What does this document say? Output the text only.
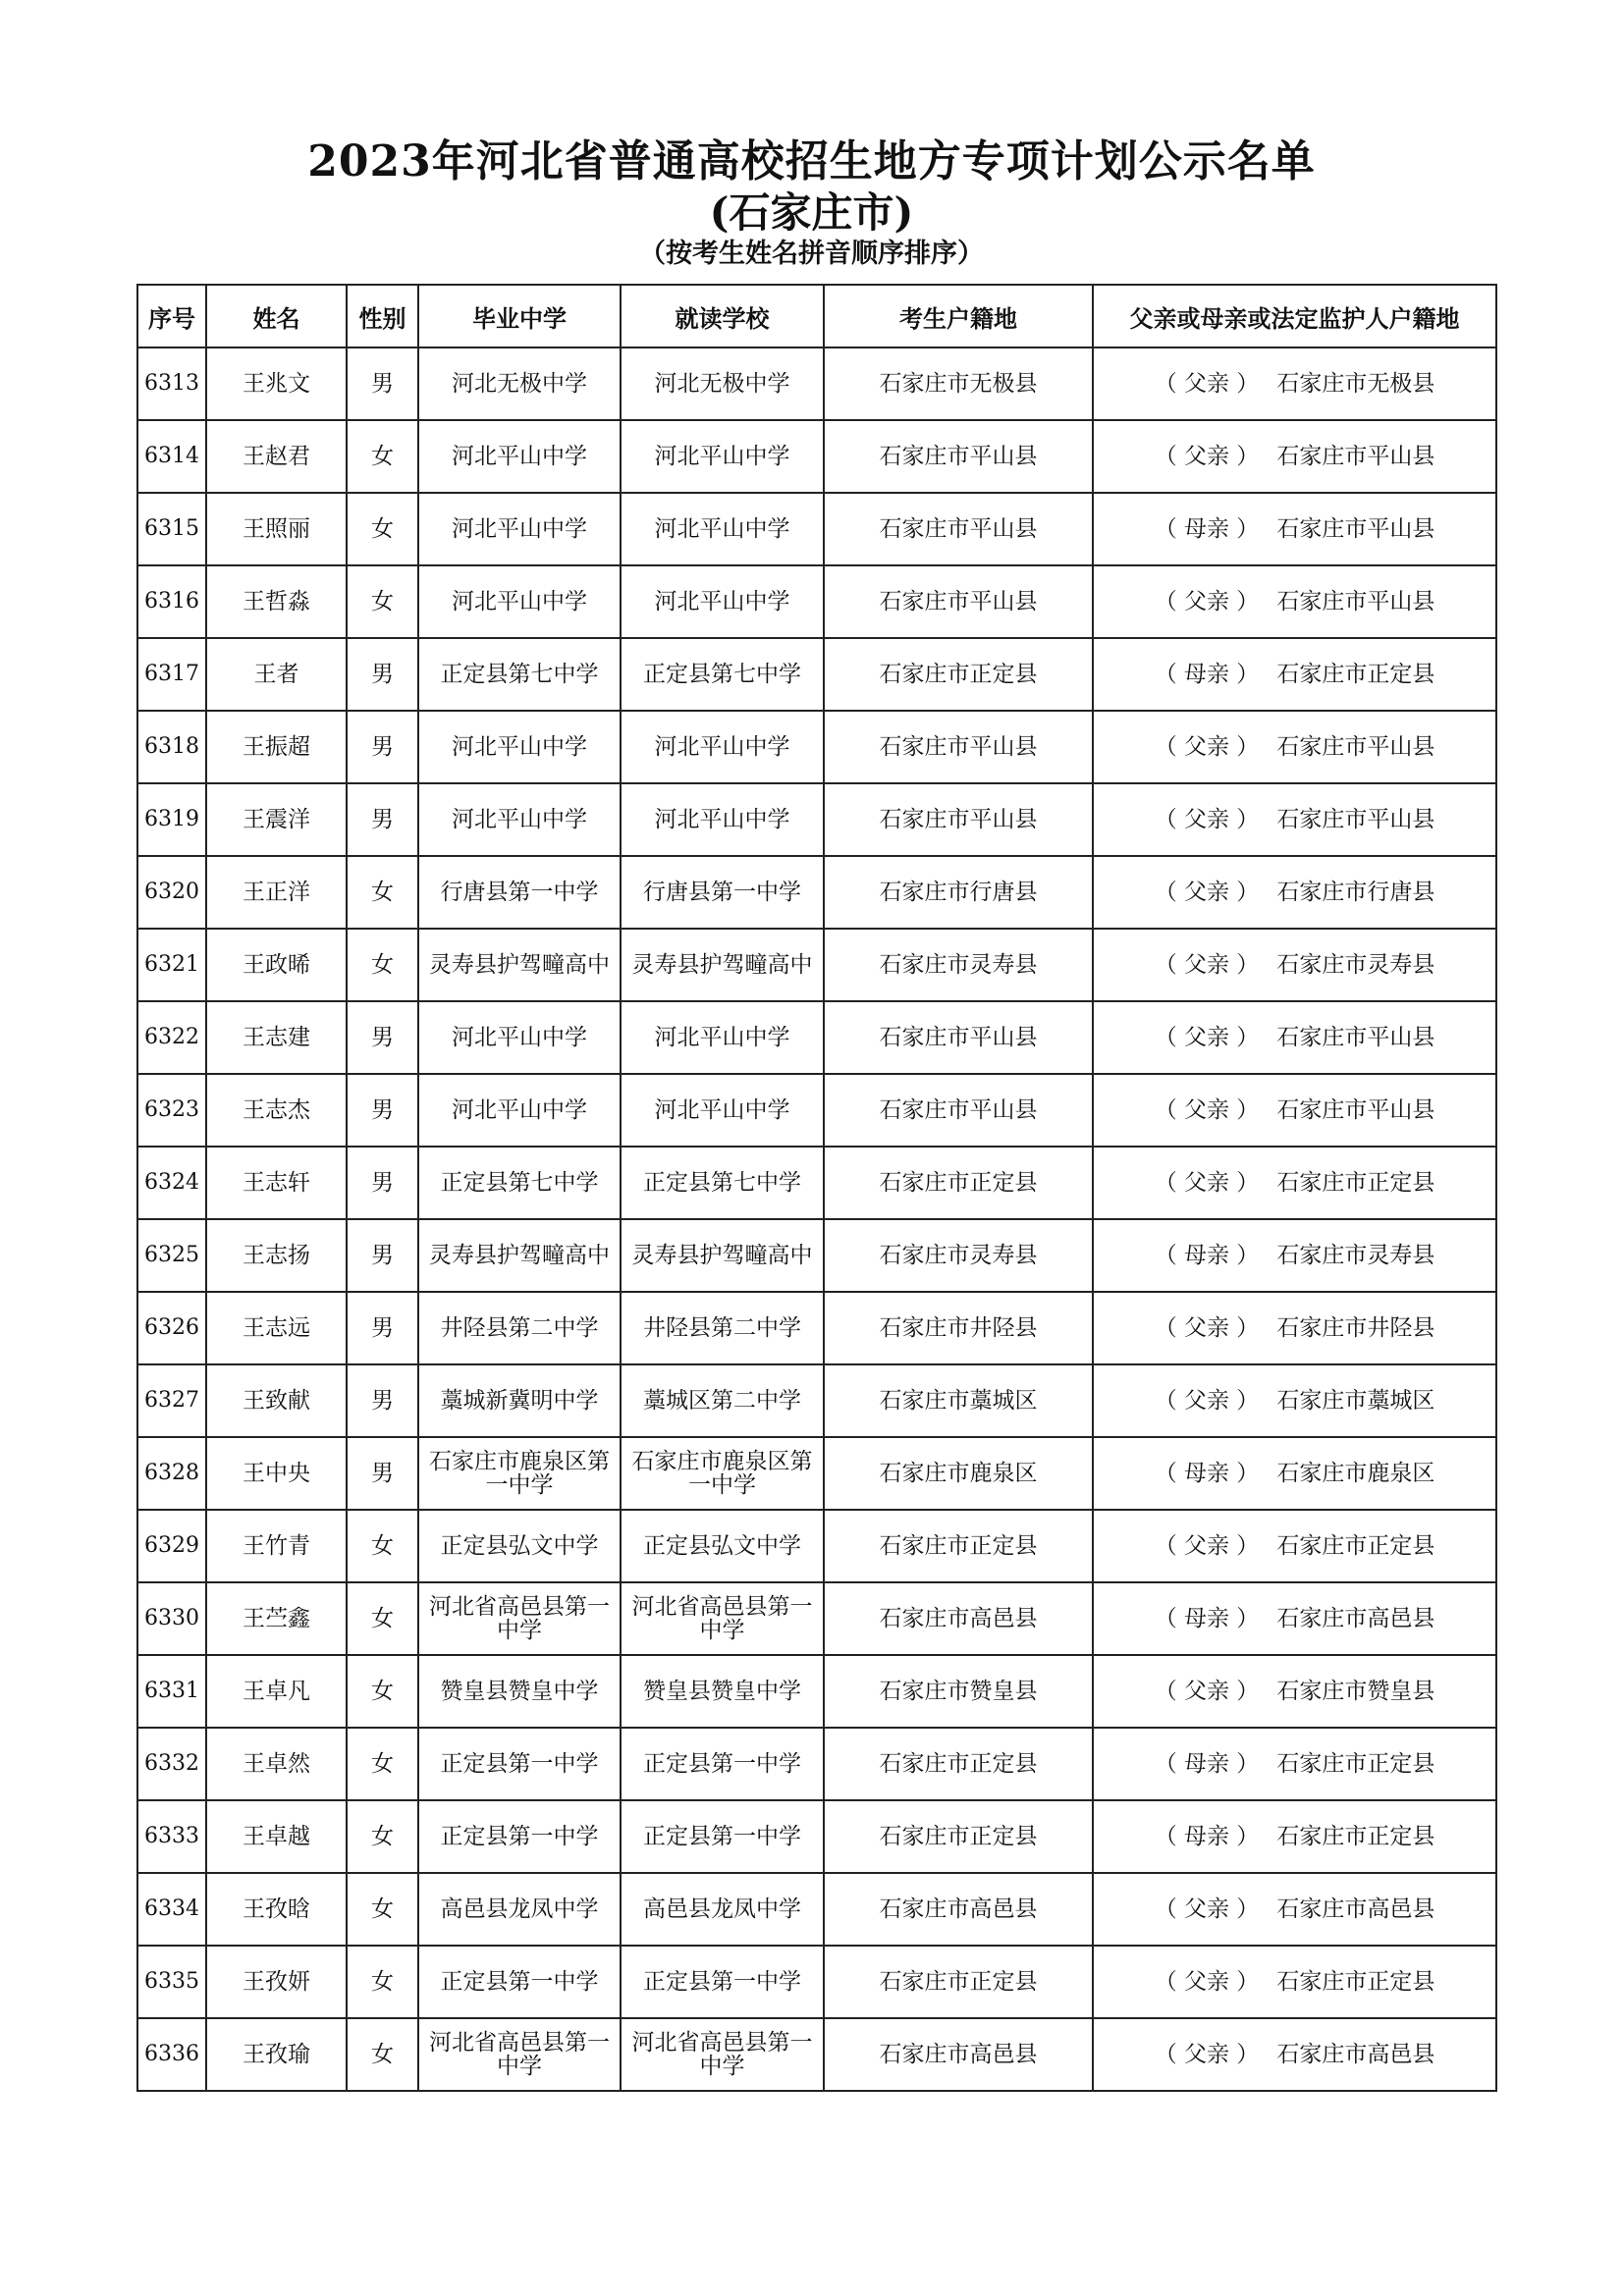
2023年河北省普通高校招生地方专项计划公示名单
(石家庄市)
（按考生姓名拼音顺序排序）
序号	姓名	性别	毕业中学	就读学校	考生户籍地	父亲或母亲或法定监护人户籍地
6313	王兆文	男	河北无极中学	河北无极中学	石家庄市无极县	（ 父亲 ） 石家庄市无极县
6314	王赵君	女	河北平山中学	河北平山中学	石家庄市平山县	（ 父亲 ） 石家庄市平山县
6315	王照丽	女	河北平山中学	河北平山中学	石家庄市平山县	（ 母亲 ） 石家庄市平山县
6316	王哲淼	女	河北平山中学	河北平山中学	石家庄市平山县	（ 父亲 ） 石家庄市平山县
6317	王者	男	正定县第七中学	正定县第七中学	石家庄市正定县	（ 母亲 ） 石家庄市正定县
6318	王振超	男	河北平山中学	河北平山中学	石家庄市平山县	（ 父亲 ） 石家庄市平山县
6319	王震洋	男	河北平山中学	河北平山中学	石家庄市平山县	（ 父亲 ） 石家庄市平山县
6320	王正洋	女	行唐县第一中学	行唐县第一中学	石家庄市行唐县	（ 父亲 ） 石家庄市行唐县
6321	王政晞	女	灵寿县护驾疃高中	灵寿县护驾疃高中	石家庄市灵寿县	（ 父亲 ） 石家庄市灵寿县
6322	王志建	男	河北平山中学	河北平山中学	石家庄市平山县	（ 父亲 ） 石家庄市平山县
6323	王志杰	男	河北平山中学	河北平山中学	石家庄市平山县	（ 父亲 ） 石家庄市平山县
6324	王志轩	男	正定县第七中学	正定县第七中学	石家庄市正定县	（ 父亲 ） 石家庄市正定县
6325	王志扬	男	灵寿县护驾疃高中	灵寿县护驾疃高中	石家庄市灵寿县	（ 母亲 ） 石家庄市灵寿县
6326	王志远	男	井陉县第二中学	井陉县第二中学	石家庄市井陉县	（ 父亲 ） 石家庄市井陉县
6327	王致献	男	藁城新冀明中学	藁城区第二中学	石家庄市藁城区	（ 父亲 ） 石家庄市藁城区
6328	王中央	男	石家庄市鹿泉区第一中学	石家庄市鹿泉区第一中学	石家庄市鹿泉区	（ 母亲 ） 石家庄市鹿泉区
6329	王竹青	女	正定县弘文中学	正定县弘文中学	石家庄市正定县	（ 父亲 ） 石家庄市正定县
6330	王苎鑫	女	河北省高邑县第一中学	河北省高邑县第一中学	石家庄市高邑县	（ 母亲 ） 石家庄市高邑县
6331	王卓凡	女	赞皇县赞皇中学	赞皇县赞皇中学	石家庄市赞皇县	（ 父亲 ） 石家庄市赞皇县
6332	王卓然	女	正定县第一中学	正定县第一中学	石家庄市正定县	（ 母亲 ） 石家庄市正定县
6333	王卓越	女	正定县第一中学	正定县第一中学	石家庄市正定县	（ 母亲 ） 石家庄市正定县
6334	王孜晗	女	高邑县龙凤中学	高邑县龙凤中学	石家庄市高邑县	（ 父亲 ） 石家庄市高邑县
6335	王孜妍	女	正定县第一中学	正定县第一中学	石家庄市正定县	（ 父亲 ） 石家庄市正定县
6336	王孜瑜	女	河北省高邑县第一中学	河北省高邑县第一中学	石家庄市高邑县	（ 父亲 ） 石家庄市高邑县
